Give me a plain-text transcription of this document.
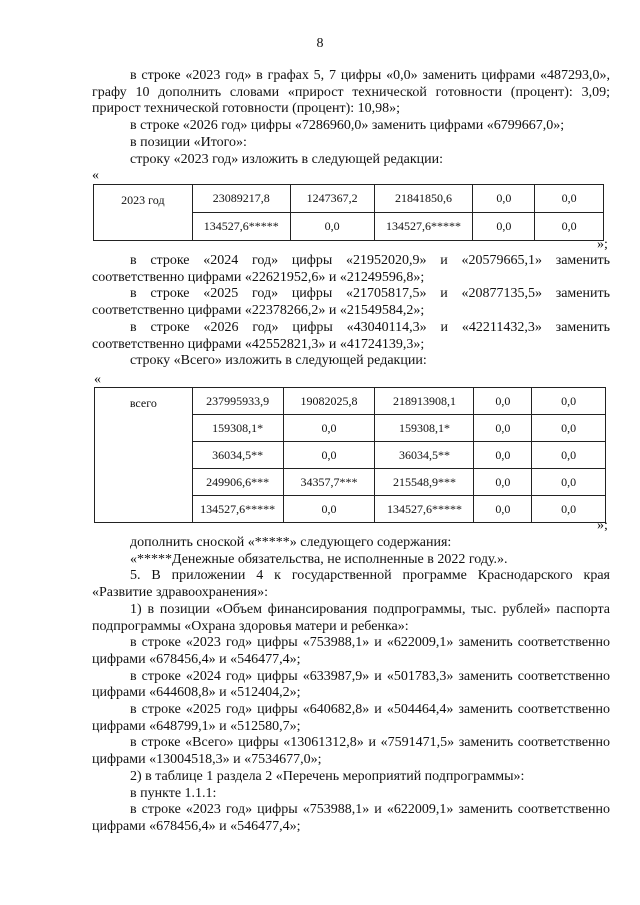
8

в строке «2023 год» в графах 5, 7 цифры «0,0» заменить цифрами «487293,0», графу 10 дополнить словами «прирост технической готовности (процент): 3,09; прирост технической готовности (процент): 10,98»;

в строке «2026 год» цифры «7286960,0» заменить цифрами «6799667,0»;

в позиции «Итого»:

строку «2023 год» изложить в следующей редакции:

«
2023 год	23089217,8	1247367,2	21841850,6	0,0	0,0
	134527,6*****	0,0	134527,6*****	0,0	0,0
»;

в строке «2024 год» цифры «21952020,9» и «20579665,1» заменить соответственно цифрами «22621952,6» и «21249596,8»;

в строке «2025 год» цифры «21705817,5» и «20877135,5» заменить соответственно цифрами «22378266,2» и «21549584,2»;

в строке «2026 год» цифры «43040114,3» и «42211432,3» заменить соответственно цифрами «42552821,3» и «41724139,3»;

строку «Всего» изложить в следующей редакции:

«
всего	237995933,9	19082025,8	218913908,1	0,0	0,0
	159308,1*	0,0	159308,1*	0,0	0,0
	36034,5**	0,0	36034,5**	0,0	0,0
	249906,6***	34357,7***	215548,9***	0,0	0,0
	134527,6*****	0,0	134527,6*****	0,0	0,0
»;

дополнить сноской «*****» следующего содержания:

«*****Денежные обязательства, не исполненные в 2022 году.».

5. В приложении 4 к государственной программе Краснодарского края «Развитие здравоохранения»:

1) в позиции «Объем финансирования подпрограммы, тыс. рублей» паспорта подпрограммы «Охрана здоровья матери и ребенка»:

в строке «2023 год» цифры «753988,1» и «622009,1» заменить соответственно цифрами «678456,4» и «546477,4»;

в строке «2024 год» цифры «633987,9» и «501783,3» заменить соответственно цифрами «644608,8» и «512404,2»;

в строке «2025 год» цифры «640682,8» и «504464,4» заменить соответственно цифрами «648799,1» и «512580,7»;

в строке «Всего» цифры «13061312,8» и «7591471,5» заменить соответственно цифрами «13004518,3» и «7534677,0»;

2) в таблице 1 раздела 2 «Перечень мероприятий подпрограммы»:

в пункте 1.1.1:

в строке «2023 год» цифры «753988,1» и «622009,1» заменить соответственно цифрами «678456,4» и «546477,4»;
